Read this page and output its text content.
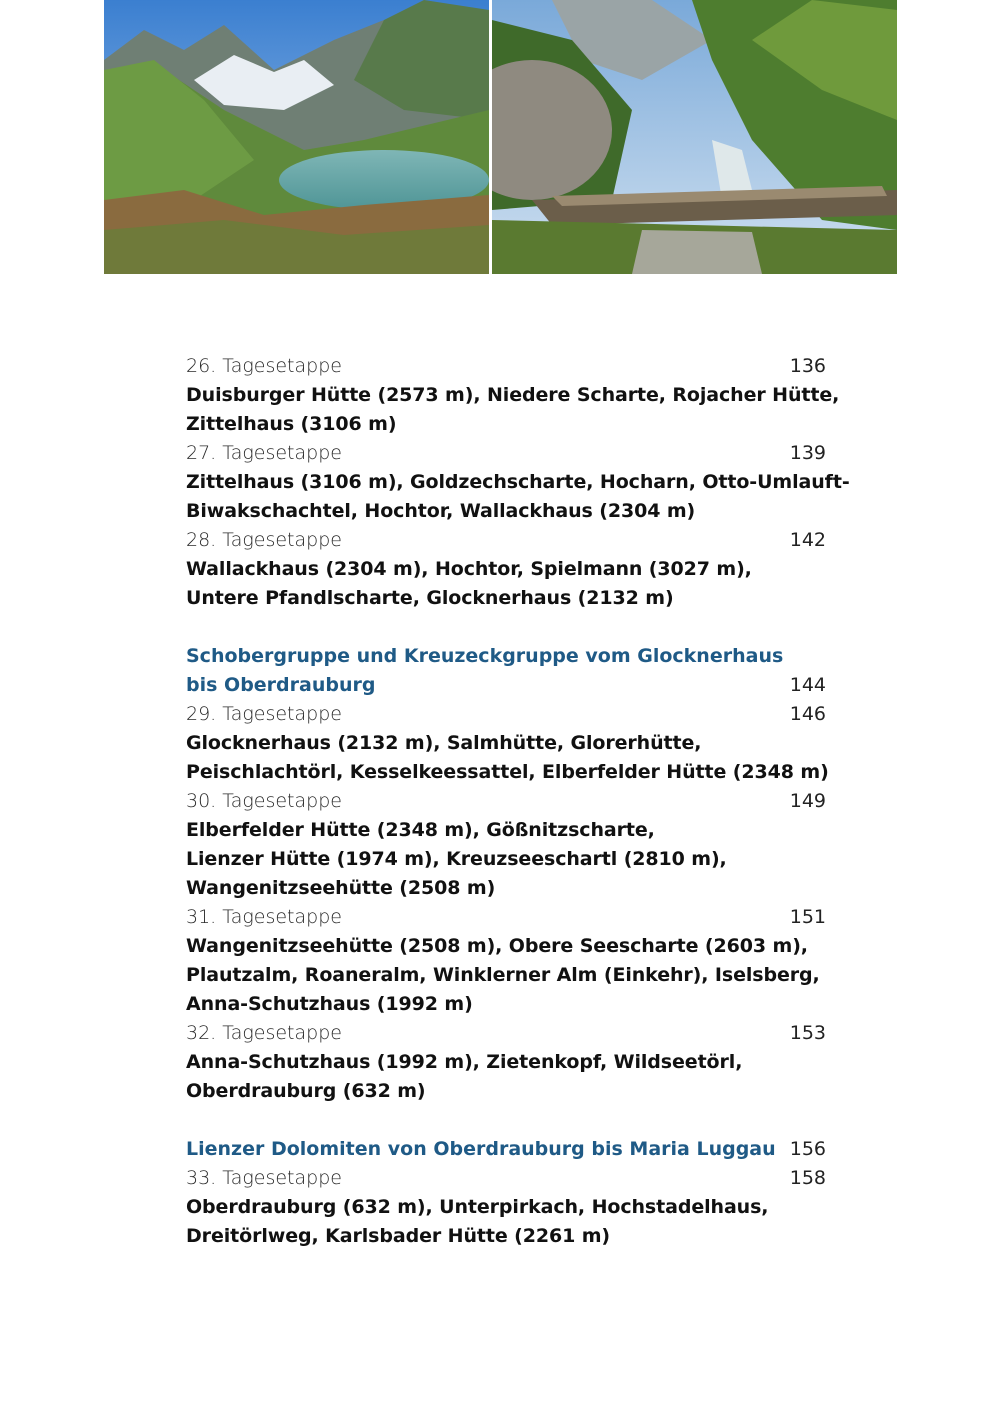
26. Tagesetappe	136
Duisburger Hütte (2573 m), Niedere Scharte, Rojacher Hütte,
Zittelhaus (3106 m)
27. Tagesetappe	139
Zittelhaus (3106 m), Goldzechscharte, Hocharn, Otto-Umlauft-
Biwakschachtel, Hochtor, Wallackhaus (2304 m)
28. Tagesetappe	142
Wallackhaus (2304 m), Hochtor, Spielmann (3027 m),
Untere Pfandlscharte, Glocknerhaus (2132 m)
Schobergruppe und Kreuzeckgruppe vom Glocknerhaus
bis Oberdrauburg	144
29. Tagesetappe	146
Glocknerhaus (2132 m), Salmhütte, Glorerhütte,
Peischlachtörl, Kesselkeessattel, Elberfelder Hütte (2348 m)
30. Tagesetappe	149
Elberfelder Hütte (2348 m), Gößnitzscharte,
Lienzer Hütte (1974 m), Kreuzseeschartl (2810 m),
Wangenitzseehütte (2508 m)
31. Tagesetappe	151
Wangenitzseehütte (2508 m), Obere Seescharte (2603 m),
Plautzalm, Roaneralm, Winklerner Alm (Einkehr), Iselsberg,
Anna-Schutzhaus (1992 m)
32. Tagesetappe	153
Anna-Schutzhaus (1992 m), Zietenkopf, Wildseetörl,
Oberdrauburg (632 m)
Lienzer Dolomiten von Oberdrauburg bis Maria Luggau 156
33. Tagesetappe	158
Oberdrauburg (632 m), Unterpirkach, Hochstadelhaus,
Dreitörlweg, Karlsbader Hütte (2261 m)
